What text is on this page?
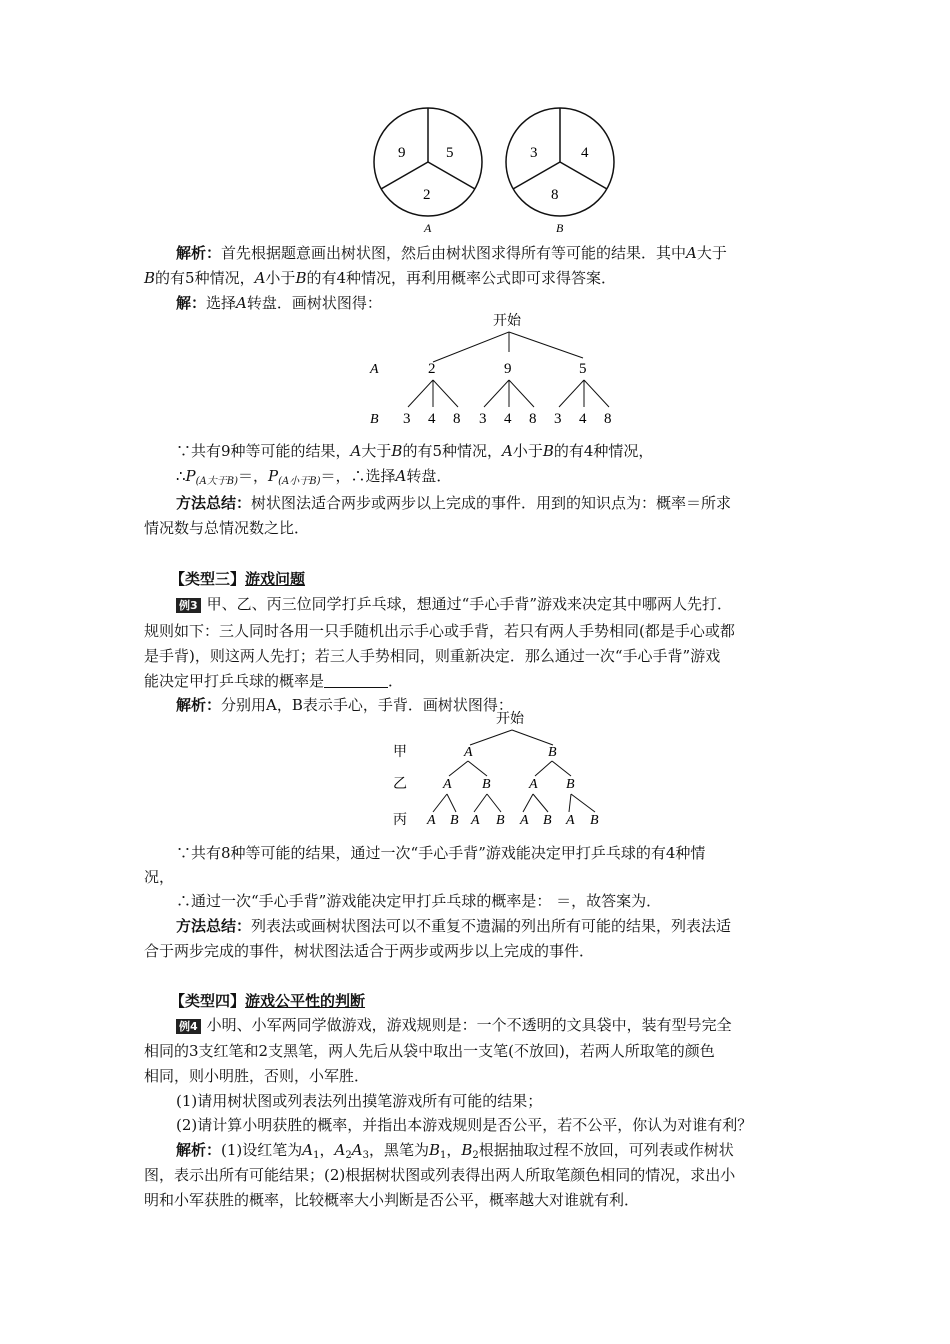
9	5
2
A
3	4
8
B
解析：首先根据题意画出树状图，然后由树状图求得所有等可能的结果．其中A大于
B的有5种情况，A小于B的有4种情况，再利用概率公式即可求得答案．
解：选择A转盘．画树状图得：
开始
A	2	9	5
B 3 4 8 3 4 8 3 4 8
∵共有9种等可能的结果，A大于B的有5种情况，A小于B的有4种情况，
$\therefore P_{(A大于B)}=$，$P_{(A小于B)}=$，∴选择A转盘．
方法总结：树状图法适合两步或两步以上完成的事件．用到的知识点为：概率＝所求
情况数与总情况数之比．
【类型三】游戏问题
例3 甲、乙、丙三位同学打乒乓球，想通过“手心手背”游戏来决定其中哪两人先打．
规则如下：三人同时各用一只手随机出示手心或手背，若只有两人手势相同(都是手心或都
是手背)，则这两人先打；若三人手势相同，则重新决定．那么通过一次“手心手背”游戏
能决定甲打乒乓球的概率是	．
解析：分别用A，B表示手心，手背．画树状图得：
开始
甲
乙
丙
A	B
A B	A B
A B A B A B A B
∵共有8种等可能的结果，通过一次“手心手背”游戏能决定甲打乒乓球的有4种情
况，
∴通过一次“手心手背”游戏能决定甲打乒乓球的概率是： ＝，故答案为．
方法总结：列表法或画树状图法可以不重复不遗漏的列出所有可能的结果，列表法适
合于两步完成的事件，树状图法适合于两步或两步以上完成的事件．
【类型四】游戏公平性的判断
例4 小明、小军两同学做游戏，游戏规则是：一个不透明的文具袋中，装有型号完全
相同的3支红笔和2支黑笔，两人先后从袋中取出一支笔(不放回)，若两人所取笔的颜色
相同，则小明胜，否则，小军胜．
(1)请用树状图或列表法列出摸笔游戏所有可能的结果；
(2)请计算小明获胜的概率，并指出本游戏规则是否公平，若不公平，你认为对谁有利？
解析：(1)设红笔为$A_1$，$A_2A_3$，黑笔为$B_1$，$B_2$根据抽取过程不放回，可列表或作树状
图，表示出所有可能结果；(2)根据树状图或列表得出两人所取笔颜色相同的情况，求出小
明和小军获胜的概率，比较概率大小判断是否公平，概率越大对谁就有利．
